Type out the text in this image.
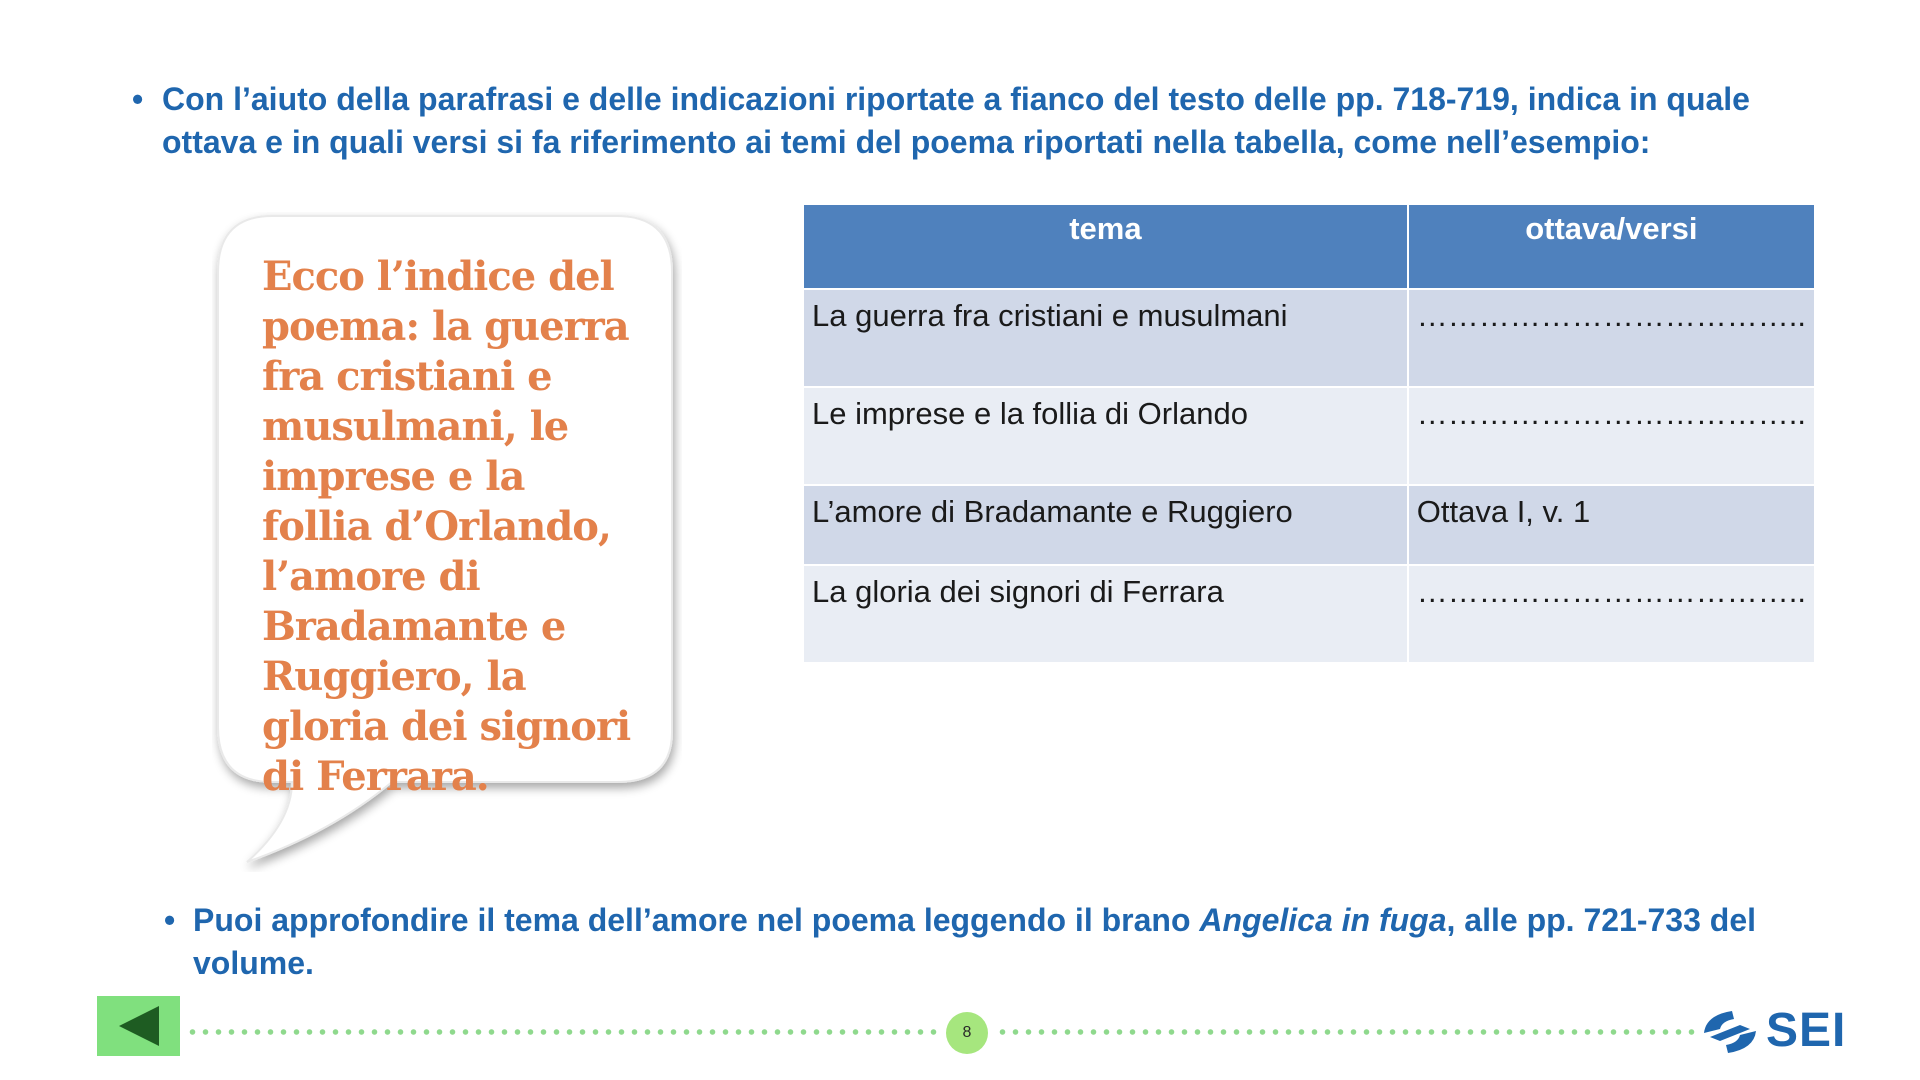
• Con l’aiuto della parafrasi e delle indicazioni riportate a fianco del testo delle pp. 718-719, indica in quale ottava e in quali versi si fa riferimento ai temi del poema riportati nella tabella, come nell’esempio:
Ecco l’indice del poema: la guerra fra cristiani e musulmani, le imprese e la follia d’Orlando, l’amore di Bradamante e Ruggiero, la gloria dei signori di Ferrara.
tema	ottava/versi
La guerra fra cristiani e musulmani	………………………………..
Le imprese e la follia di Orlando	………………………………..
L’amore di Bradamante e Ruggiero	Ottava I, v. 1
La gloria dei signori di Ferrara	………………………………..
• Puoi approfondire il tema dell’amore nel poema leggendo il brano Angelica in fuga, alle pp. 721-733 del volume.
8	SEI
